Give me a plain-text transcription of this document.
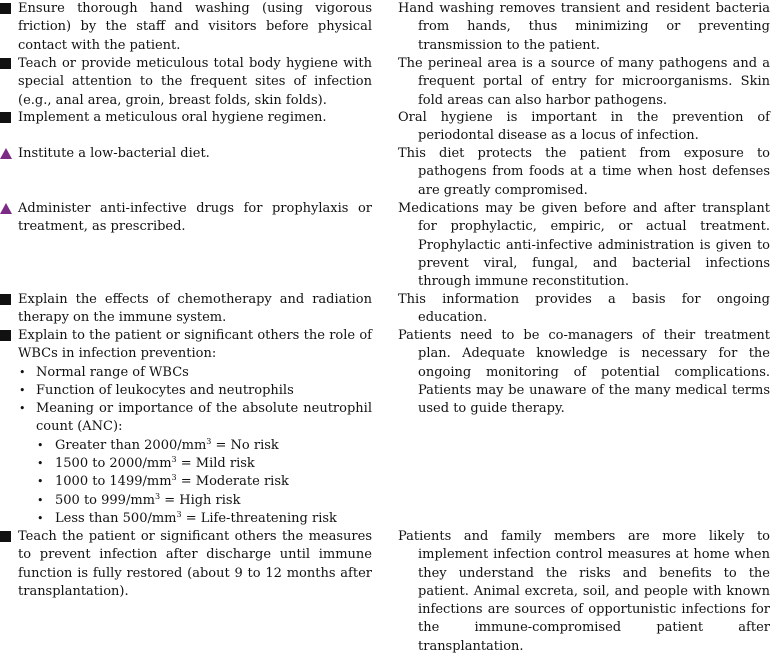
Ensure thorough hand washing (using vigorous friction) by the staff and visitors before physical contact with the patient.
Hand washing removes transient and resident bacteria from hands, thus minimizing or preventing transmission to the patient.
Teach or provide meticulous total body hygiene with special attention to the frequent sites of infection (e.g., anal area, groin, breast folds, skin folds).
The perineal area is a source of many pathogens and a frequent portal of entry for microorganisms. Skin fold areas can also harbor pathogens.
Implement a meticulous oral hygiene regimen.	Oral hygiene is important in the prevention of periodontal disease as a locus of infection.
Institute a low-bacterial diet.	This diet protects the patient from exposure to pathogens from foods at a time when host defenses are greatly compromised.
Administer anti-infective drugs for prophylaxis or treatment, as prescribed.
Medications may be given before and after transplant for prophylactic, empiric, or actual treatment. Prophylactic anti-infective administration is given to prevent viral, fungal, and bacterial infections through immune reconstitution.
Explain the effects of chemotherapy and radiation therapy on the immune system.
This information provides a basis for ongoing education.
Explain to the patient or significant others the role of WBCs in infection prevention:
• Normal range of WBCs
• Function of leukocytes and neutrophils
• Meaning or importance of the absolute neutrophil count (ANC):
• Greater than $2000/mm^3 = No$ risk
• 1500 to $2000/mm^3$ = Mild risk
• 1000 to $1499/mm^3$ = Moderate risk
• 500 to $999/mm^3$ = High risk
• Less than $500/mm^3$ = Life-threatening risk
Patients need to be co-managers of their treatment plan. Adequate knowledge is necessary for the ongoing monitoring of potential complications. Patients may be unaware of the many medical terms used to guide therapy.
Teach the patient or significant others the measures to prevent infection after discharge until immune function is fully restored (about 9 to 12 months after transplantation).
Patients and family members are more likely to implement infection control measures at home when they understand the risks and benefits to the patient. Animal excreta, soil, and people with known infections are sources of opportunistic infections for the immune-compromised patient after transplantation.
